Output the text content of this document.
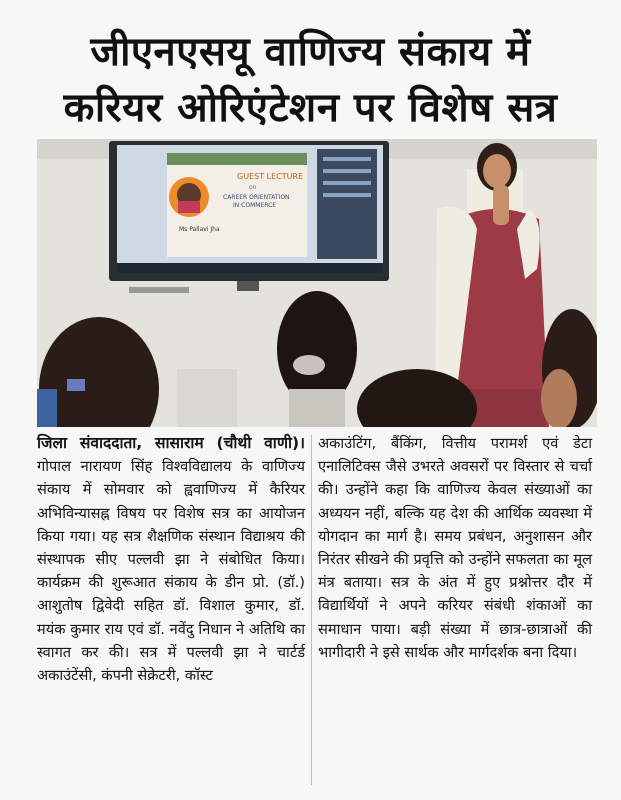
जीएनएसयू वाणिज्य संकाय में
करियर ओरिएंटेशन पर विशेष सत्र
GUEST LECTURE
on
CAREER ORIENTATION
IN COMMERCE
Ms Pallavi Jha
जिला संवाददाता, सासाराम (चौथी वाणी)। गोपाल नारायण सिंह विश्वविद्यालय के वाणिज्य संकाय में सोमवार को ह्ववाणिज्य में कैरियर अभिविन्यासह्न विषय पर विशेष सत्र का आयोजन किया गया। यह सत्र शैक्षणिक संस्थान विद्याश्रय की संस्थापक सीए पल्लवी झा ने संबोधित किया। कार्यक्रम की शुरूआत संकाय के डीन प्रो. (डॉ.) आशुतोष द्विवेदी सहित डॉ. विशाल कुमार, डॉ. मयंक कुमार राय एवं डॉ. नवेंदु निधान ने अतिथि का स्वागत कर की। सत्र में पल्लवी झा ने चार्टर्ड अकाउंटेंसी, कंपनी सेक्रेटरी, कॉस्ट
अकाउंटिंग, बैंकिंग, वित्तीय परामर्श एवं डेटा एनालिटिक्स जैसे उभरते अवसरों पर विस्तार से चर्चा की। उन्होंने कहा कि वाणिज्य केवल संख्याओं का अध्ययन नहीं, बल्कि यह देश की आर्थिक व्यवस्था में योगदान का मार्ग है। समय प्रबंधन, अनुशासन और निरंतर सीखने की प्रवृत्ति को उन्होंने सफलता का मूल मंत्र बताया। सत्र के अंत में हुए प्रश्नोत्तर दौर में विद्यार्थियों ने अपने करियर संबंधी शंकाओं का समाधान पाया। बड़ी संख्या में छात्र-छात्राओं की भागीदारी ने इसे सार्थक और मार्गदर्शक बना दिया।
